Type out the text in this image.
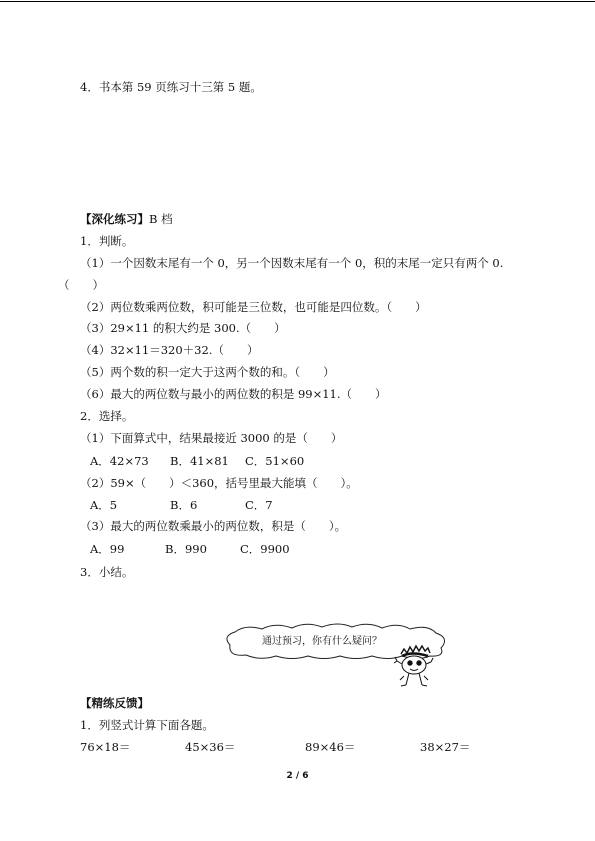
4．书本第 59 页练习十三第 5 题。
【深化练习】B 档
1．判断。
（1）一个因数末尾有一个 0，另一个因数末尾有一个 0，积的末尾一定只有两个 0.
（　　）
（2）两位数乘两位数，积可能是三位数，也可能是四位数。（　　）
（3）29×11 的积大约是 300.（　　）
（4）32×11＝320＋32.（　　）
（5）两个数的积一定大于这两个数的和。（　　）
（6）最大的两位数与最小的两位数的积是 99×11.（　　）
2．选择。
（1）下面算式中，结果最接近 3000 的是（　　）
A．42×73 B．41×81 C．51×60
（2）59×（　　）＜360，括号里最大能填（　　）。
A．5	B．6	C．7
（3）最大的两位数乘最小的两位数，积是（　　）。
A．99	B．990	C．9900
3．小结。
通过预习，你有什么疑问？
【精练反馈】
1．列竖式计算下面各题。
76×18＝	45×36＝	89×46＝	38×27＝
2 / 6
